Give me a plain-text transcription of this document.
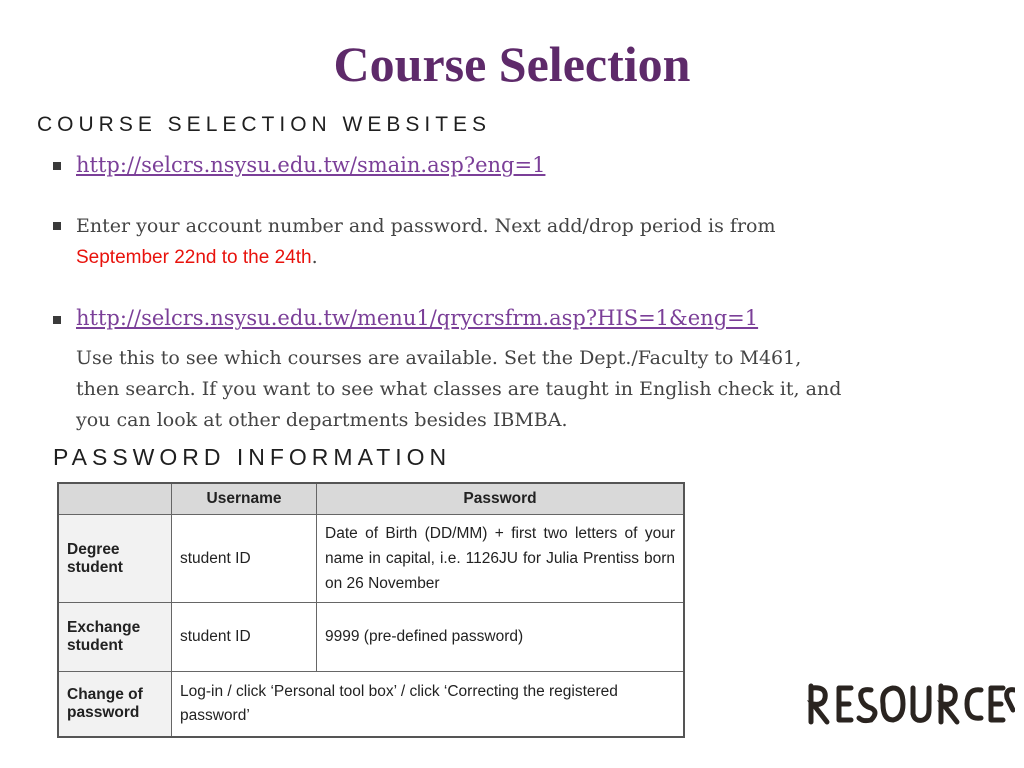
Course Selection
COURSE SELECTION WEBSITES
http://selcrs.nsysu.edu.tw/smain.asp?eng=1
Enter your account number and password. Next add/drop period is from
September 22nd to the 24th.
http://selcrs.nsysu.edu.tw/menu1/qrycrsfrm.asp?HIS=1&eng=1
Use this to see which courses are available. Set the Dept./Faculty to M461,
then search. If you want to see what classes are taught in English check it, and
you can look at other departments besides IBMBA.
PASSWORD INFORMATION
	Username	Password
Degree student	student ID	Date of Birth (DD/MM) + first two letters of your name in capital, i.e. 1126JU for Julia Prentiss born on 26 November
Exchange student	student ID	9999 (pre-defined password)
Change of password	Log-in / click ‘Personal tool box’ / click ‘Correcting the registered password’	
